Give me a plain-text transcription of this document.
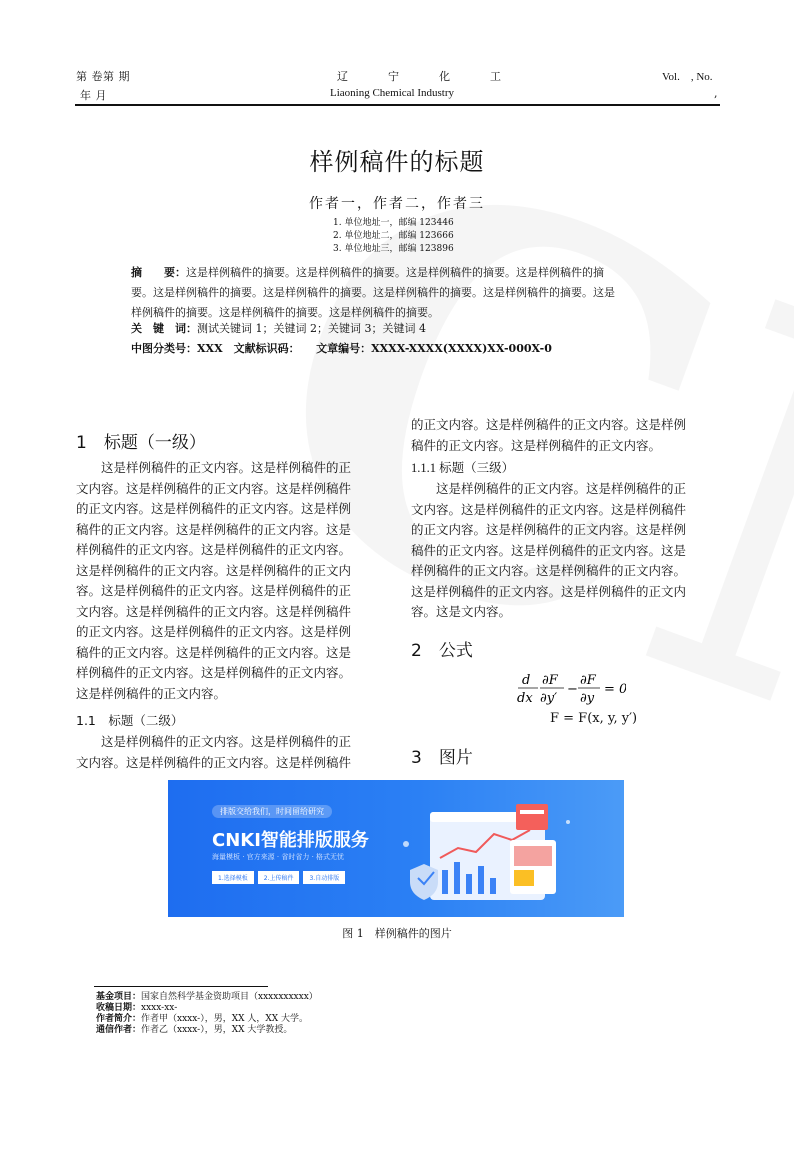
第 卷第 期
年 月
辽　　宁　　化　　工
Liaoning Chemical Industry
Vol.　, No.
,
样例稿件的标题
作者一，作者二，作者三
1. 单位地址一，邮编 123446
2. 单位地址二，邮编 123666
3. 单位地址三，邮编 123896
摘　　要：这是样例稿件的摘要。这是样例稿件的摘要。这是样例稿件的摘要。这是样例稿件的摘
要。这是样例稿件的摘要。这是样例稿件的摘要。这是样例稿件的摘要。这是样例稿件的摘要。这是
样例稿件的摘要。这是样例稿件的摘要。这是样例稿件的摘要。
关　键　词：测试关键词 1；关键词 2；关键词 3；关键词 4
中图分类号：XXX　文献标识码：　　文章编号：XXXX-XXXX(XXXX)XX-000X-0
1　标题（一级）
　　这是样例稿件的正文内容。这是样例稿件的正
文内容。这是样例稿件的正文内容。这是样例稿件
的正文内容。这是样例稿件的正文内容。这是样例
稿件的正文内容。这是样例稿件的正文内容。这是
样例稿件的正文内容。这是样例稿件的正文内容。
这是样例稿件的正文内容。这是样例稿件的正文内
容。这是样例稿件的正文内容。这是样例稿件的正
文内容。这是样例稿件的正文内容。这是样例稿件
的正文内容。这是样例稿件的正文内容。这是样例
稿件的正文内容。这是样例稿件的正文内容。这是
样例稿件的正文内容。这是样例稿件的正文内容。
这是样例稿件的正文内容。
1.1　标题（二级）
　　这是样例稿件的正文内容。这是样例稿件的正
文内容。这是样例稿件的正文内容。这是样例稿件
的正文内容。这是样例稿件的正文内容。这是样例
稿件的正文内容。这是样例稿件的正文内容。
1.1.1 标题（三级）
　　这是样例稿件的正文内容。这是样例稿件的正
文内容。这是样例稿件的正文内容。这是样例稿件
的正文内容。这是样例稿件的正文内容。这是样例
稿件的正文内容。这是样例稿件的正文内容。这是
样例稿件的正文内容。这是样例稿件的正文内容。
这是样例稿件的正文内容。这是样例稿件的正文内
容。这是文内容。
2　公式
d
dx
∂F
∂y′
−
∂F
∂y
= 0
F = F(x, y, y′)
3　图片
排版交给我们，时间留给研究
CNKI智能排版服务
海量模板 · 官方来源 · 省时省力 · 格式无忧
1.选择模板	2.上传稿件	3.自动排版
图 1　样例稿件的图片
基金项目：国家自然科学基金资助项目（xxxxxxxxxx）
收稿日期：xxxx-xx-
作者简介：作者甲（xxxx-），男，XX 人，XX 大学。
通信作者：作者乙（xxxx-），男，XX 大学教授。
